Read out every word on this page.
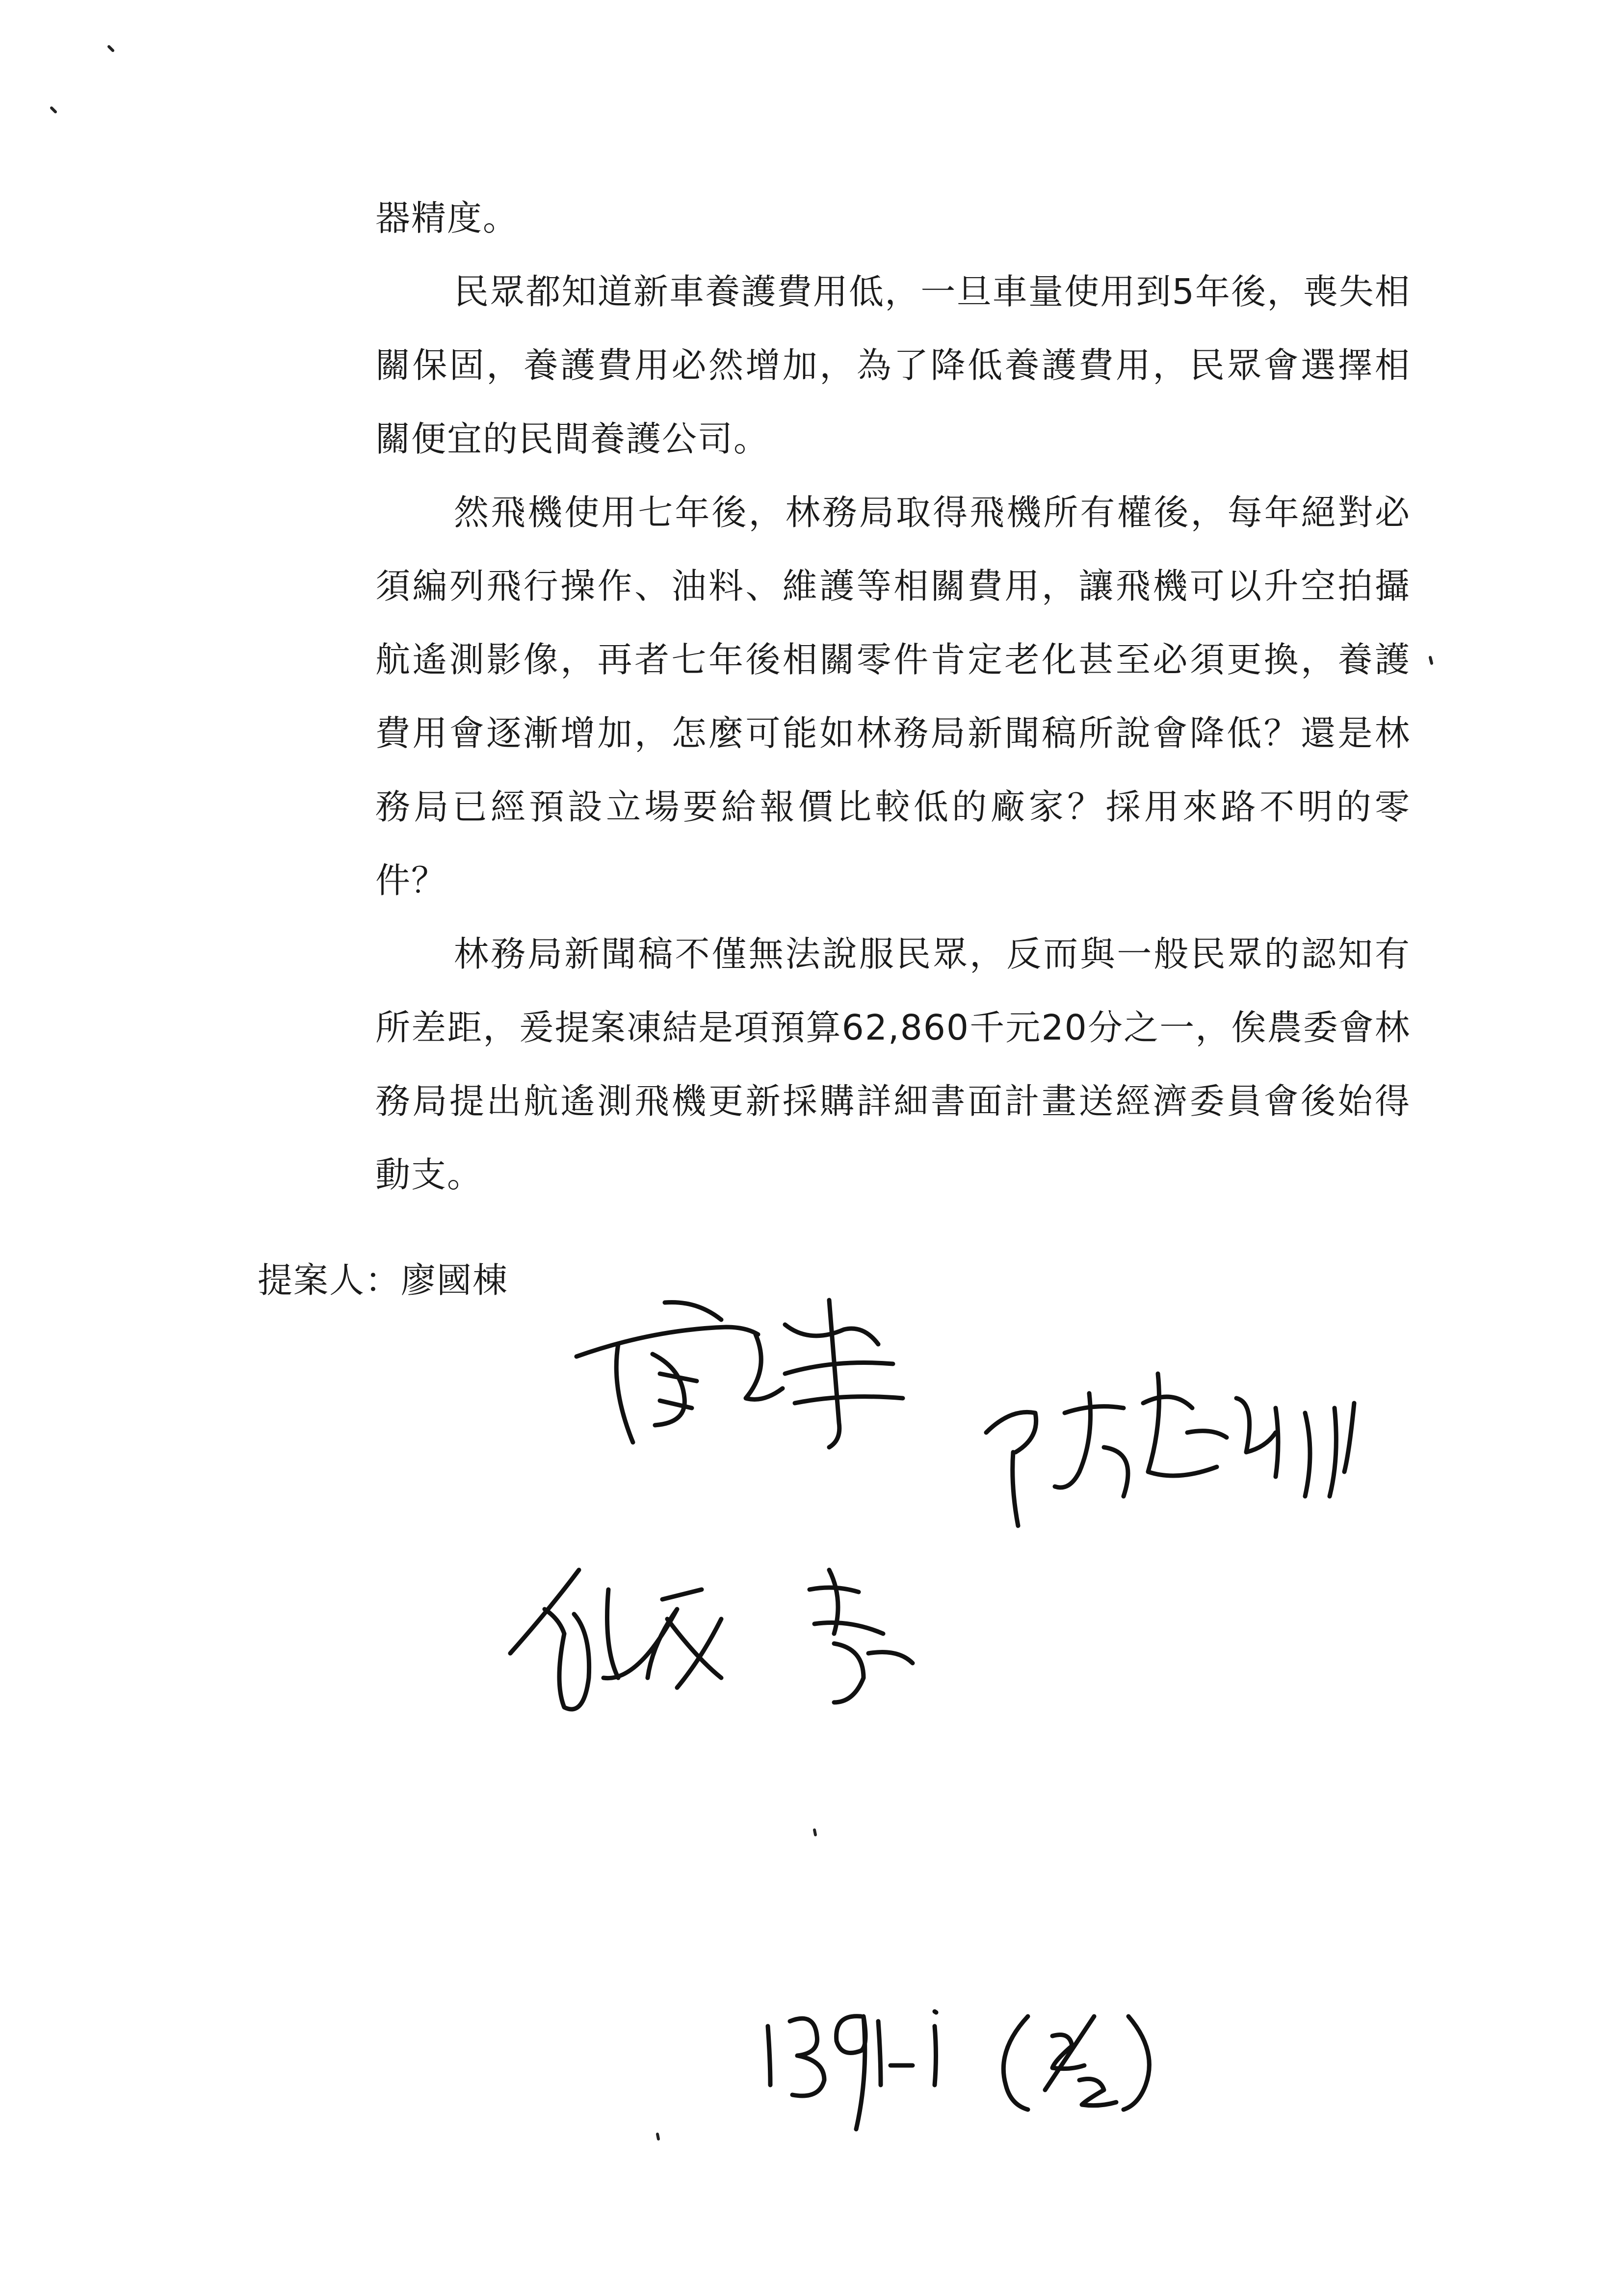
器精度。

民眾都知道新車養護費用低，一旦車量使用到5年後，喪失相關保固，養護費用必然增加，為了降低養護費用，民眾會選擇相關便宜的民間養護公司。

然飛機使用七年後，林務局取得飛機所有權後，每年絕對必須編列飛行操作、油料、維護等相關費用，讓飛機可以升空拍攝航遙測影像，再者七年後相關零件肯定老化甚至必須更換，養護費用會逐漸增加，怎麼可能如林務局新聞稿所說會降低？還是林務局已經預設立場要給報價比較低的廠家？採用來路不明的零件？

林務局新聞稿不僅無法說服民眾，反而與一般民眾的認知有所差距，爰提案凍結是項預算62,860千元20分之一，俟農委會林務局提出航遙測飛機更新採購詳細書面計畫送經濟委員會後始得動支。

提案人：廖國棟
